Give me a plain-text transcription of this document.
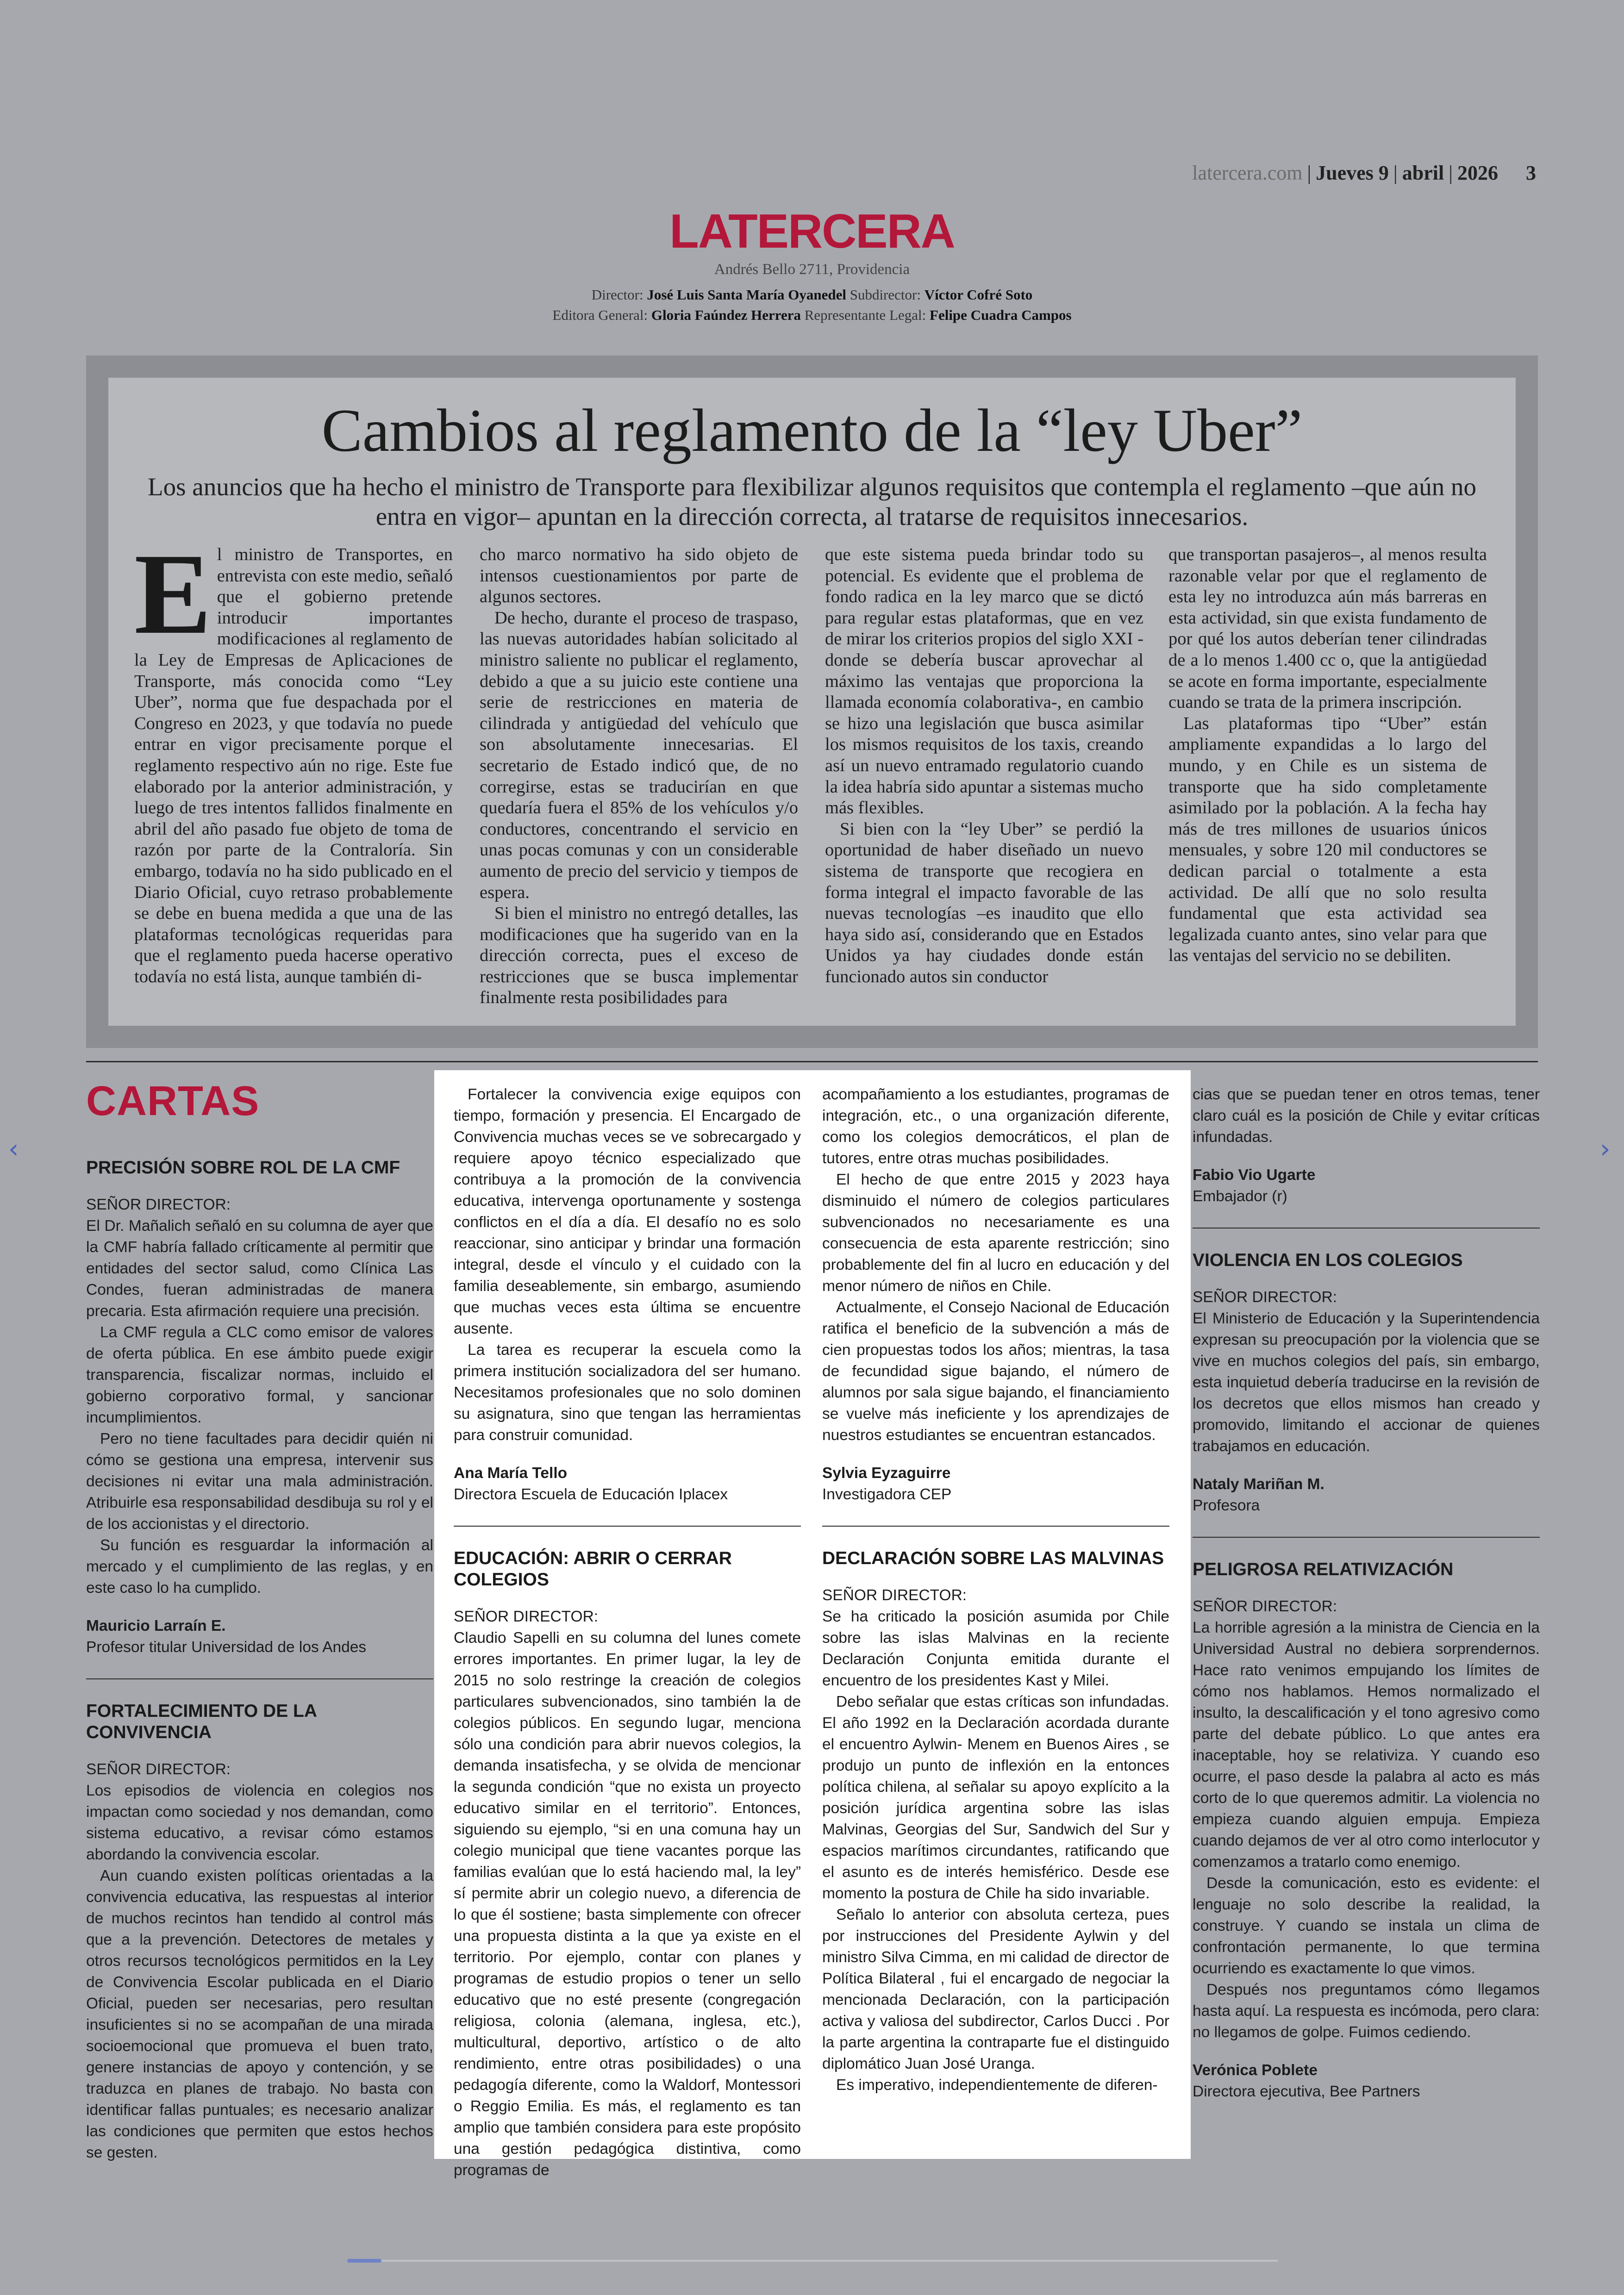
latercera.com | Jueves 9 | abril | 2026 3
LATERCERA
Andrés Bello 2711, Providencia
Director: José Luis Santa María Oyanedel Subdirector: Víctor Cofré Soto
Editora General: Gloria Faúndez Herrera Representante Legal: Felipe Cuadra Campos
Cambios al reglamento de la “ley Uber”
Los anuncios que ha hecho el ministro de Transporte para flexibilizar algunos requisitos que contempla el reglamento –que aún no entra en vigor– apuntan en la dirección correcta, al tratarse de requisitos innecesarios.

El ministro de Transportes, en entrevista con este medio, señaló que el gobierno pretende introducir importantes modificaciones al reglamento de la Ley de Empresas de Aplicaciones de Transporte, más conocida como “Ley Uber”, norma que fue despachada por el Congreso en 2023, y que todavía no puede entrar en vigor precisamente porque el reglamento respectivo aún no rige. Este fue elaborado por la anterior administración, y luego de tres intentos fallidos finalmente en abril del año pasado fue objeto de toma de razón por parte de la Contraloría. Sin embargo, todavía no ha sido publicado en el Diario Oficial, cuyo retraso probablemente se debe en buena medida a que una de las plataformas tecnológicas requeridas para que el reglamento pueda hacerse operativo todavía no está lista, aunque también di-

cho marco normativo ha sido objeto de intensos cuestionamientos por parte de algunos sectores.

De hecho, durante el proceso de traspaso, las nuevas autoridades habían solicitado al ministro saliente no publicar el reglamento, debido a que a su juicio este contiene una serie de restricciones en materia de cilindrada y antigüedad del vehículo que son absolutamente innecesarias. El secretario de Estado indicó que, de no corregirse, estas se traducirían en que quedaría fuera el 85% de los vehículos y/o conductores, concentrando el servicio en unas pocas comunas y con un considerable aumento de precio del servicio y tiempos de espera.

Si bien el ministro no entregó detalles, las modificaciones que ha sugerido van en la dirección correcta, pues el exceso de restricciones que se busca implementar finalmente resta posibilidades para

que este sistema pueda brindar todo su potencial. Es evidente que el problema de fondo radica en la ley marco que se dictó para regular estas plataformas, que en vez de mirar los criterios propios del siglo XXI -donde se debería buscar aprovechar al máximo las ventajas que proporciona la llamada economía colaborativa-, en cambio se hizo una legislación que busca asimilar los mismos requisitos de los taxis, creando así un nuevo entramado regulatorio cuando la idea habría sido apuntar a sistemas mucho más flexibles.

Si bien con la “ley Uber” se perdió la oportunidad de haber diseñado un nuevo sistema de transporte que recogiera en forma integral el impacto favorable de las nuevas tecnologías –es inaudito que ello haya sido así, considerando que en Estados Unidos ya hay ciudades donde están funcionado autos sin conductor

que transportan pasajeros–, al menos resulta razonable velar por que el reglamento de esta ley no introduzca aún más barreras en esta actividad, sin que exista fundamento de por qué los autos deberían tener cilindradas de a lo menos 1.400 cc o, que la antigüedad se acote en forma importante, especialmente cuando se trata de la primera inscripción.

Las plataformas tipo “Uber” están ampliamente expandidas a lo largo del mundo, y en Chile es un sistema de transporte que ha sido completamente asimilado por la población. A la fecha hay más de tres millones de usuarios únicos mensuales, y sobre 120 mil conductores se dedican parcial o totalmente a esta actividad. De allí que no solo resulta fundamental que esta actividad sea legalizada cuanto antes, sino velar para que las ventajas del servicio no se debiliten.

CARTAS
PRECISIÓN SOBRE ROL DE LA CMF

SEÑOR DIRECTOR:

El Dr. Mañalich señaló en su columna de ayer que la CMF habría fallado críticamente al permitir que entidades del sector salud, como Clínica Las Condes, fueran administradas de manera precaria. Esta afirmación requiere una precisión.

La CMF regula a CLC como emisor de valores de oferta pública. En ese ámbito puede exigir transparencia, fiscalizar normas, incluido el gobierno corporativo formal, y sancionar incumplimientos.

Pero no tiene facultades para decidir quién ni cómo se gestiona una empresa, intervenir sus decisiones ni evitar una mala administración. Atribuirle esa responsabilidad desdibuja su rol y el de los accionistas y el directorio.

Su función es resguardar la información al mercado y el cumplimiento de las reglas, y en este caso lo ha cumplido.

Mauricio Larraín E.

Profesor titular Universidad de los Andes

FORTALECIMIENTO DE LA CONVIVENCIA

SEÑOR DIRECTOR:

Los episodios de violencia en colegios nos impactan como sociedad y nos demandan, como sistema educativo, a revisar cómo estamos abordando la convivencia escolar.

Aun cuando existen políticas orientadas a la convivencia educativa, las respuestas al interior de muchos recintos han tendido al control más que a la prevención. Detectores de metales y otros recursos tecnológicos permitidos en la Ley de Convivencia Escolar publicada en el Diario Oficial, pueden ser necesarias, pero resultan insuficientes si no se acompañan de una mirada socioemocional que promueva el buen trato, genere instancias de apoyo y contención, y se traduzca en planes de trabajo. No basta con identificar fallas puntuales; es necesario analizar las condiciones que permiten que estos hechos se gesten.

Fortalecer la convivencia exige equipos con tiempo, formación y presencia. El Encargado de Convivencia muchas veces se ve sobrecargado y requiere apoyo técnico especializado que contribuya a la promoción de la convivencia educativa, intervenga oportunamente y sostenga conflictos en el día a día. El desafío no es solo reaccionar, sino anticipar y brindar una formación integral, desde el vínculo y el cuidado con la familia deseablemente, sin embargo, asumiendo que muchas veces esta última se encuentre ausente.

La tarea es recuperar la escuela como la primera institución socializadora del ser humano. Necesitamos profesionales que no solo dominen su asignatura, sino que tengan las herramientas para construir comunidad.

Ana María Tello

Directora Escuela de Educación Iplacex

EDUCACIÓN: ABRIR O CERRAR COLEGIOS

SEÑOR DIRECTOR:

Claudio Sapelli en su columna del lunes comete errores importantes. En primer lugar, la ley de 2015 no solo restringe la creación de colegios particulares subvencionados, sino también la de colegios públicos. En segundo lugar, menciona sólo una condición para abrir nuevos colegios, la demanda insatisfecha, y se olvida de mencionar la segunda condición “que no exista un proyecto educativo similar en el territorio”. Entonces, siguiendo su ejemplo, “si en una comuna hay un colegio municipal que tiene vacantes porque las familias evalúan que lo está haciendo mal, la ley” sí permite abrir un colegio nuevo, a diferencia de lo que él sostiene; basta simplemente con ofrecer una propuesta distinta a la que ya existe en el territorio. Por ejemplo, contar con planes y programas de estudio propios o tener un sello educativo que no esté presente (congregación religiosa, colonia (alemana, inglesa, etc.), multicultural, deportivo, artístico o de alto rendimiento, entre otras posibilidades) o una pedagogía diferente, como la Waldorf, Montessori o Reggio Emilia. Es más, el reglamento es tan amplio que también considera para este propósito una gestión pedagógica distintiva, como programas de

acompañamiento a los estudiantes, programas de integración, etc., o una organización diferente, como los colegios democráticos, el plan de tutores, entre otras muchas posibilidades.

El hecho de que entre 2015 y 2023 haya disminuido el número de colegios particulares subvencionados no necesariamente es una consecuencia de esta aparente restricción; sino probablemente del fin al lucro en educación y del menor número de niños en Chile.

Actualmente, el Consejo Nacional de Educación ratifica el beneficio de la subvención a más de cien propuestas todos los años; mientras, la tasa de fecundidad sigue bajando, el número de alumnos por sala sigue bajando, el financiamiento se vuelve más ineficiente y los aprendizajes de nuestros estudiantes se encuentran estancados.

Sylvia Eyzaguirre

Investigadora CEP

DECLARACIÓN SOBRE LAS MALVINAS

SEÑOR DIRECTOR:

Se ha criticado la posición asumida por Chile sobre las islas Malvinas en la reciente Declaración Conjunta emitida durante el encuentro de los presidentes Kast y Milei.

Debo señalar que estas críticas son infundadas. El año 1992 en la Declaración acordada durante el encuentro Aylwin- Menem en Buenos Aires , se produjo un punto de inflexión en la entonces política chilena, al señalar su apoyo explícito a la posición jurídica argentina sobre las islas Malvinas, Georgias del Sur, Sandwich del Sur y espacios marítimos circundantes, ratificando que el asunto es de interés hemisférico. Desde ese momento la postura de Chile ha sido invariable.

Señalo lo anterior con absoluta certeza, pues por instrucciones del Presidente Aylwin y del ministro Silva Cimma, en mi calidad de director de Política Bilateral , fui el encargado de negociar la mencionada Declaración, con la participación activa y valiosa del subdirector, Carlos Ducci . Por la parte argentina la contraparte fue el distinguido diplomático Juan José Uranga.

Es imperativo, independientemente de diferen-

cias que se puedan tener en otros temas, tener claro cuál es la posición de Chile y evitar críticas infundadas.

Fabio Vio Ugarte

Embajador (r)

VIOLENCIA EN LOS COLEGIOS

SEÑOR DIRECTOR:

El Ministerio de Educación y la Superintendencia expresan su preocupación por la violencia que se vive en muchos colegios del país, sin embargo, esta inquietud debería traducirse en la revisión de los decretos que ellos mismos han creado y promovido, limitando el accionar de quienes trabajamos en educación.

Nataly Mariñan M.

Profesora

PELIGROSA RELATIVIZACIÓN

SEÑOR DIRECTOR:

La horrible agresión a la ministra de Ciencia en la Universidad Austral no debiera sorprendernos. Hace rato venimos empujando los límites de cómo nos hablamos. Hemos normalizado el insulto, la descalificación y el tono agresivo como parte del debate público. Lo que antes era inaceptable, hoy se relativiza. Y cuando eso ocurre, el paso desde la palabra al acto es más corto de lo que queremos admitir. La violencia no empieza cuando alguien empuja. Empieza cuando dejamos de ver al otro como interlocutor y comenzamos a tratarlo como enemigo.

Desde la comunicación, esto es evidente: el lenguaje no solo describe la realidad, la construye. Y cuando se instala un clima de confrontación permanente, lo que termina ocurriendo es exactamente lo que vimos.

Después nos preguntamos cómo llegamos hasta aquí. La respuesta es incómoda, pero clara: no llegamos de golpe. Fuimos cediendo.

Verónica Poblete

Directora ejecutiva, Bee Partners

‹	›
